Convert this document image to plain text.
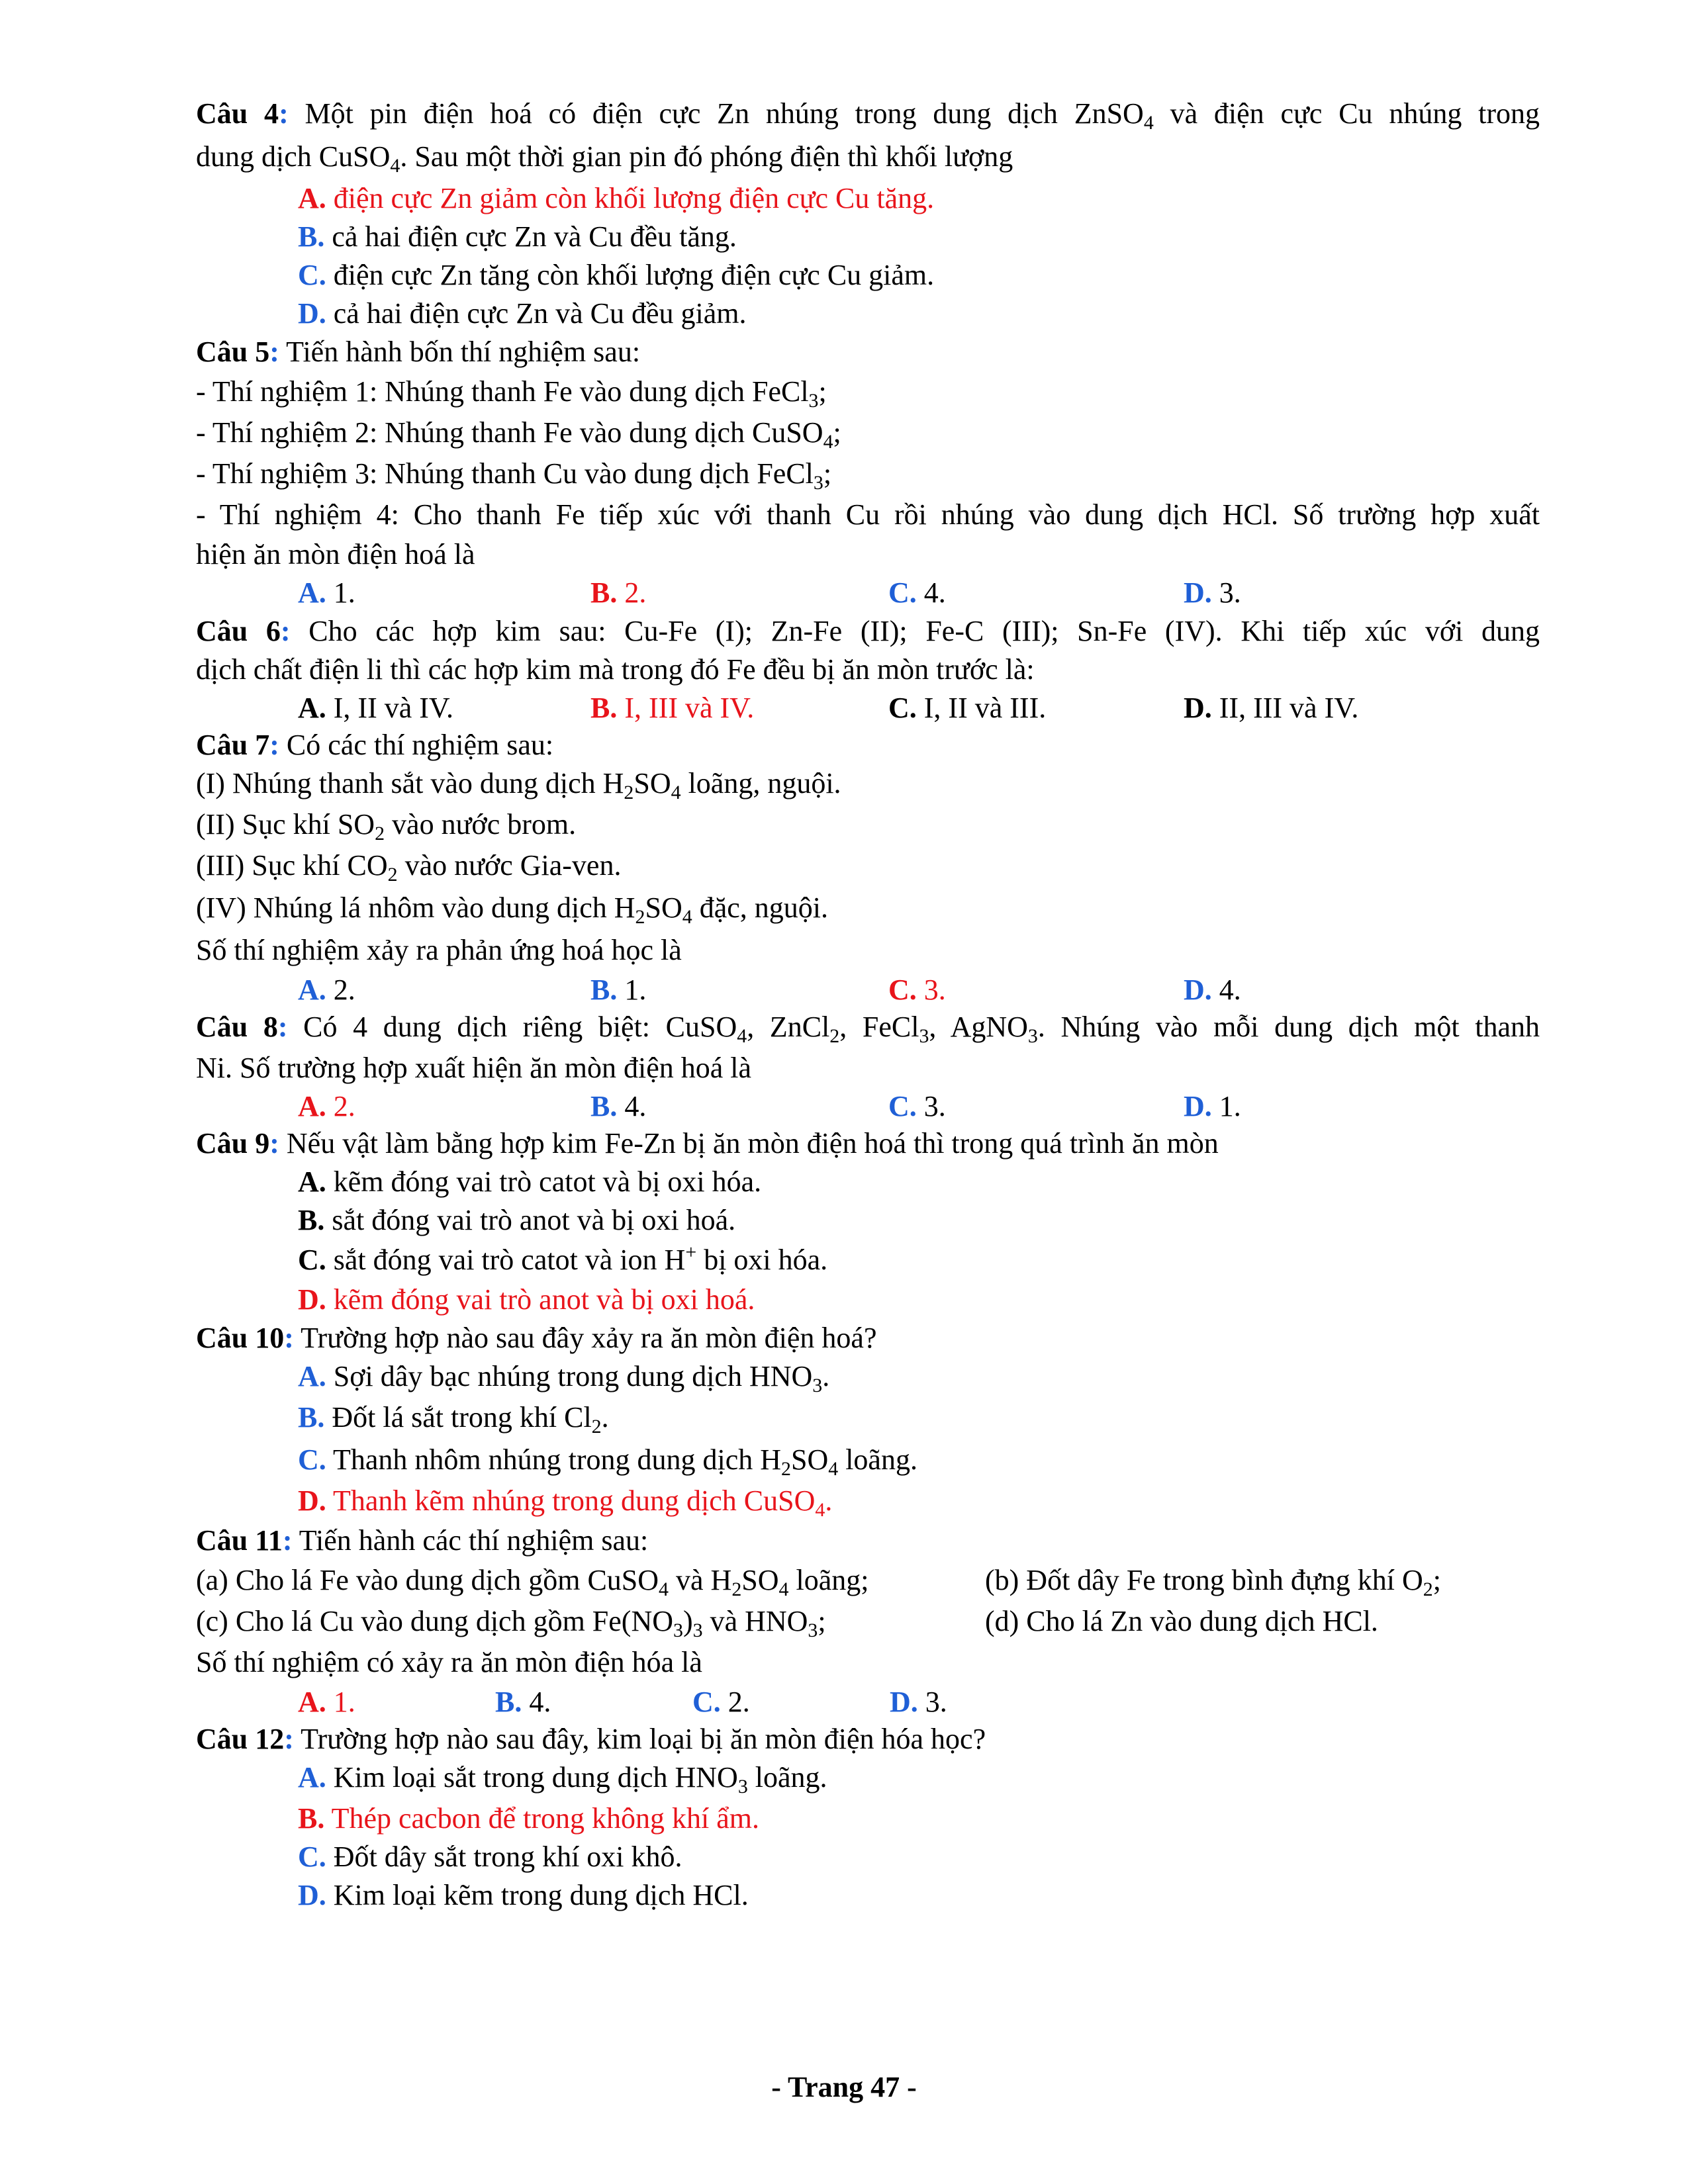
Câu 4: Một pin điện hoá có điện cực Zn nhúng trong dung dịch ZnSO$_4$ và điện cực Cu nhúng trong
dung dịch CuSO$_4$. Sau một thời gian pin đó phóng điện thì khối lượng
A. điện cực Zn giảm còn khối lượng điện cực Cu tăng.
B. cả hai điện cực Zn và Cu đều tăng.
C. điện cực Zn tăng còn khối lượng điện cực Cu giảm.
D. cả hai điện cực Zn và Cu đều giảm.
Câu 5: Tiến hành bốn thí nghiệm sau:
- Thí nghiệm 1: Nhúng thanh Fe vào dung dịch FeCl$_3$;
- Thí nghiệm 2: Nhúng thanh Fe vào dung dịch CuSO$_4$;
- Thí nghiệm 3: Nhúng thanh Cu vào dung dịch FeCl$_3$;
- Thí nghiệm 4: Cho thanh Fe tiếp xúc với thanh Cu rồi nhúng vào dung dịch HCl. Số trường hợp xuất
hiện ăn mòn điện hoá là
A. 1.	B. 2.	C. 4.	D. 3.
Câu 6: Cho các hợp kim sau: Cu-Fe (I); Zn-Fe (II); Fe-C (III); Sn-Fe (IV). Khi tiếp xúc với dung
dịch chất điện li thì các hợp kim mà trong đó Fe đều bị ăn mòn trước là:
A. I, II và IV.	B. I, III và IV.	C. I, II và III.	D. II, III và IV.
Câu 7: Có các thí nghiệm sau:
(I) Nhúng thanh sắt vào dung dịch $H_2SO_4$ loãng, nguội.
(II) Sục khí $SO_2$ vào nước brom.
(III) Sục khí $CO_2$ vào nước Gia-ven.
(IV) Nhúng lá nhôm vào dung dịch $H_2SO_4$ đặc, nguội.
Số thí nghiệm xảy ra phản ứng hoá học là
A. 2.	B. 1.	C. 3.	D. 4.
Câu 8: Có 4 dung dịch riêng biệt: CuSO$_4$, ZnCl$_2$, FeCl$_3$, AgNO$_3$. Nhúng vào mỗi dung dịch một thanh
Ni. Số trường hợp xuất hiện ăn mòn điện hoá là
A. 2.	B. 4.	C. 3.	D. 1.
Câu 9: Nếu vật làm bằng hợp kim Fe-Zn bị ăn mòn điện hoá thì trong quá trình ăn mòn
A. kẽm đóng vai trò catot và bị oxi hóa.
B. sắt đóng vai trò anot và bị oxi hoá.
C. sắt đóng vai trò catot và ion H+ bị oxi hóa.
D. kẽm đóng vai trò anot và bị oxi hoá.
Câu 10: Trường hợp nào sau đây xảy ra ăn mòn điện hoá?
A. Sợi dây bạc nhúng trong dung dịch $HNO_3$.
B. Đốt lá sắt trong khí $Cl_2$.
C. Thanh nhôm nhúng trong dung dịch $H_2SO_4$ loãng.
D. Thanh kẽm nhúng trong dung dịch CuSO$_4$.
Câu 11: Tiến hành các thí nghiệm sau:
(a) Cho lá Fe vào dung dịch gồm CuSO$_4$ và $H_2SO_4$ loãng;	(b) Đốt dây Fe trong bình đựng khí $O_2$;
(c) Cho lá Cu vào dung dịch gồm $Fe(NO_3)_3$ và $HNO_3$;	(d) Cho lá Zn vào dung dịch HCl.
Số thí nghiệm có xảy ra ăn mòn điện hóa là
A. 1.	B. 4.	C. 2.	D. 3.
Câu 12: Trường hợp nào sau đây, kim loại bị ăn mòn điện hóa học?
A. Kim loại sắt trong dung dịch $HNO_3$ loãng.
B. Thép cacbon để trong không khí ẩm.
C. Đốt dây sắt trong khí oxi khô.
D. Kim loại kẽm trong dung dịch HCl.
- Trang 47 -
